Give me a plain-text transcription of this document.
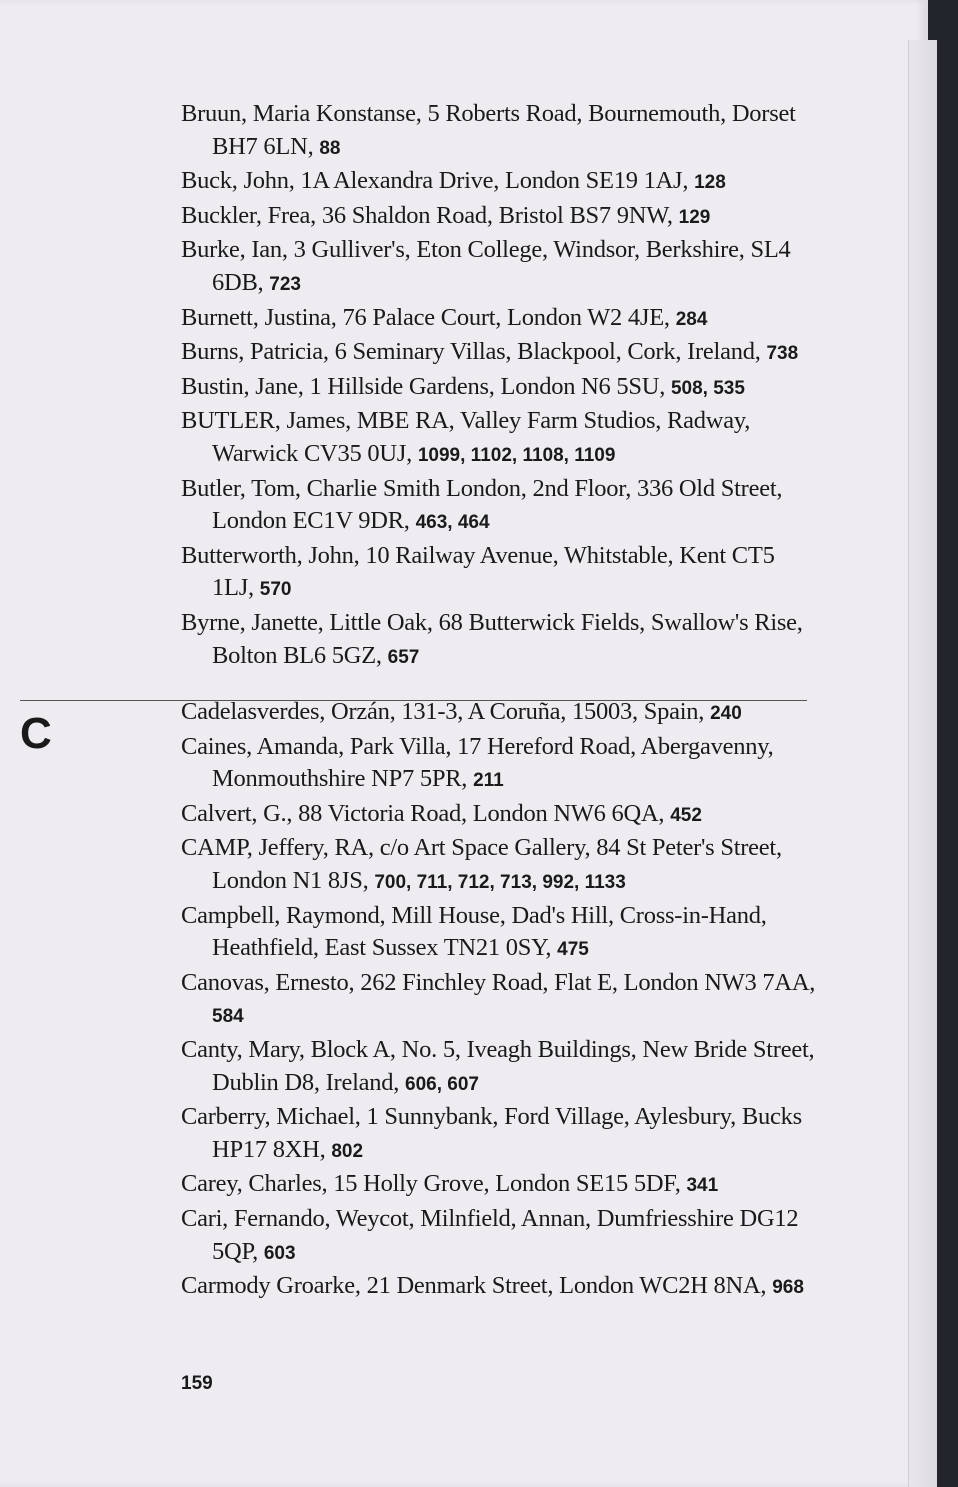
Bruun, Maria Konstanse, 5 Roberts Road, Bournemouth, Dorset BH7 6LN, 88
Buck, John, 1A Alexandra Drive, London SE19 1AJ, 128
Buckler, Frea, 36 Shaldon Road, Bristol BS7 9NW, 129
Burke, Ian, 3 Gulliver's, Eton College, Windsor, Berkshire, SL4 6DB, 723
Burnett, Justina, 76 Palace Court, London W2 4JE, 284
Burns, Patricia, 6 Seminary Villas, Blackpool, Cork, Ireland, 738
Bustin, Jane, 1 Hillside Gardens, London N6 5SU, 508, 535
BUTLER, James, MBE RA, Valley Farm Studios, Radway, Warwick CV35 0UJ, 1099, 1102, 1108, 1109
Butler, Tom, Charlie Smith London, 2nd Floor, 336 Old Street, London EC1V 9DR, 463, 464
Butterworth, John, 10 Railway Avenue, Whitstable, Kent CT5 1LJ, 570
Byrne, Janette, Little Oak, 68 Butterwick Fields, Swallow's Rise, Bolton BL6 5GZ, 657
Cadelasverdes, Orzán, 131-3, A Coruña, 15003, Spain, 240
Caines, Amanda, Park Villa, 17 Hereford Road, Abergavenny, Monmouthshire NP7 5PR, 211
Calvert, G., 88 Victoria Road, London NW6 6QA, 452
CAMP, Jeffery, RA, c/o Art Space Gallery, 84 St Peter's Street, London N1 8JS, 700, 711, 712, 713, 992, 1133
Campbell, Raymond, Mill House, Dad's Hill, Cross-in-Hand, Heathfield, East Sussex TN21 0SY, 475
Canovas, Ernesto, 262 Finchley Road, Flat E, London NW3 7AA, 584
Canty, Mary, Block A, No. 5, Iveagh Buildings, New Bride Street, Dublin D8, Ireland, 606, 607
Carberry, Michael, 1 Sunnybank, Ford Village, Aylesbury, Bucks HP17 8XH, 802
Carey, Charles, 15 Holly Grove, London SE15 5DF, 341
Cari, Fernando, Weycot, Milnfield, Annan, Dumfriesshire DG12 5QP, 603
Carmody Groarke, 21 Denmark Street, London WC2H 8NA, 968
C
159
